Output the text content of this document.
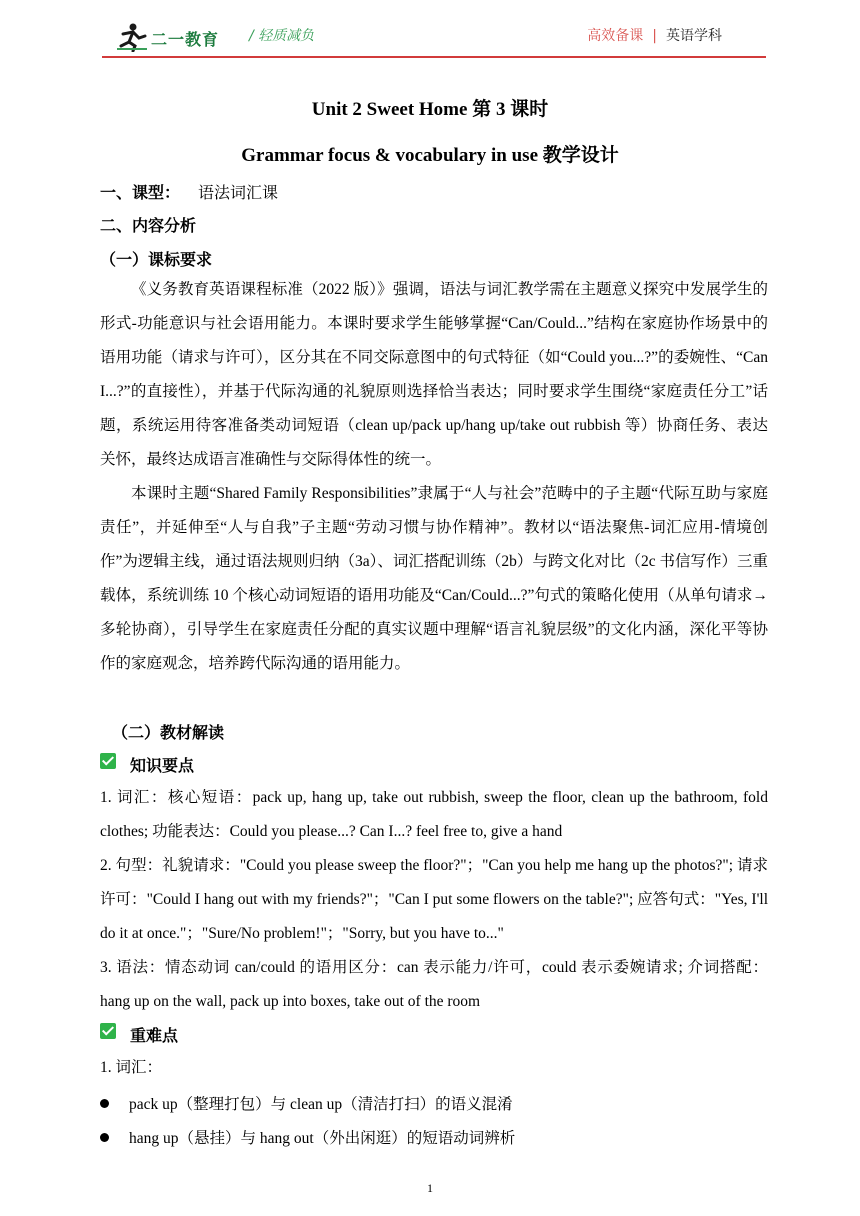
二一教育 / 轻质减负	高效备课 | 英语学科
Unit 2 Sweet Home 第 3 课时
Grammar focus & vocabulary in use 教学设计
一、课型： 语法词汇课
二、内容分析
（一）课标要求
《义务教育英语课程标准（2022 版）》强调，语法与词汇教学需在主题意义探究中发展学生的形式-功能意识与社会语用能力。本课时要求学生能够掌握“Can/Could...”结构在家庭协作场景中的语用功能（请求与许可），区分其在不同交际意图中的句式特征（如“Could you...?”的委婉性、“Can I...?”的直接性），并基于代际沟通的礼貌原则选择恰当表达；同时要求学生围绕“家庭责任分工”话题，系统运用待客准备类动词短语（clean up/pack up/hang up/take out rubbish 等）协商任务、表达关怀，最终达成语言准确性与交际得体性的统一。
本课时主题“Shared Family Responsibilities”隶属于“人与社会”范畴中的子主题“代际互助与家庭责任”，并延伸至“人与自我”子主题“劳动习惯与协作精神”。教材以“语法聚焦-词汇应用-情境创作”为逻辑主线，通过语法规则归纳（3a）、词汇搭配训练（2b）与跨文化对比（2c 书信写作）三重载体，系统训练 10 个核心动词短语的语用功能及“Can/Could...?”句式的策略化使用（从单句请求→多轮协商），引导学生在家庭责任分配的真实议题中理解“语言礼貌层级”的文化内涵，深化平等协作的家庭观念，培养跨代际沟通的语用能力。
（二）教材解读
知识要点
1. 词汇：核心短语：pack up, hang up, take out rubbish, sweep the floor, clean up the bathroom, fold clothes; 功能表达：Could you please...? Can I...? feel free to, give a hand
2. 句型：礼貌请求："Could you please sweep the floor?"；"Can you help me hang up the photos?"; 请求许可："Could I hang out with my friends?"；"Can I put some flowers on the table?"; 应答句式："Yes, I'll do it at once."；"Sure/No problem!"；"Sorry, but you have to..."
3. 语法：情态动词 can/could 的语用区分：can 表示能力/许可，could 表示委婉请求; 介词搭配：hang up on the wall, pack up into boxes, take out of the room
重难点
1. 词汇：
pack up（整理打包）与 clean up（清洁打扫）的语义混淆
hang up（悬挂）与 hang out（外出闲逛）的短语动词辨析
1
